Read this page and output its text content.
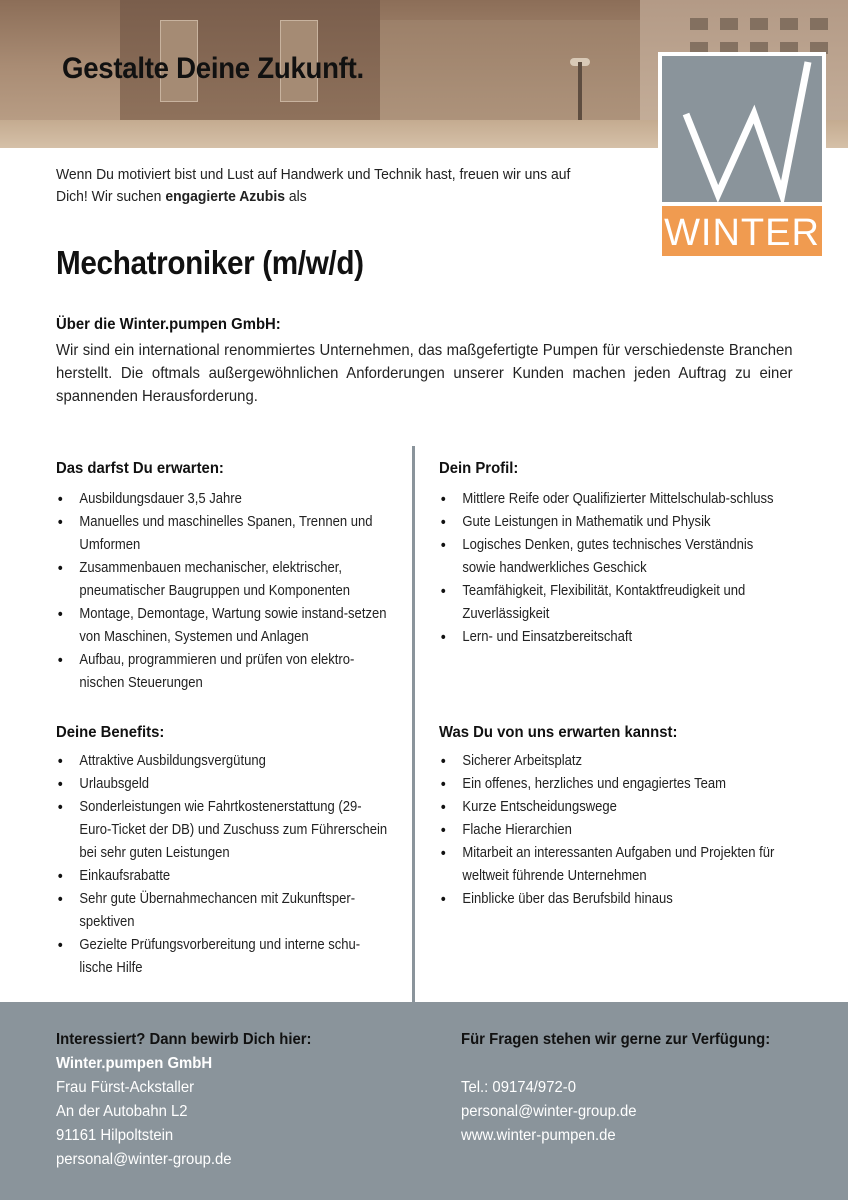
Gestalte Deine Zukunft.
WINTER

Wenn Du motiviert bist und Lust auf Handwerk und Technik hast, freuen wir uns auf Dich! Wir suchen engagierte Azubis als

Mechatroniker (m/w/d)
Über die Winter.pumpen GmbH:

Wir sind ein international renommiertes Unternehmen, das maßgefertigte Pumpen für verschiedenste Branchen herstellt. Die oftmals außergewöhnlichen Anforderungen unserer Kunden machen jeden Auftrag zu einer spannenden Herausforderung.

Das darfst Du erwarten:
• Ausbildungsdauer 3,5 Jahre
• Manuelles und maschinelles Spanen, Trennen und Umformen
• Zusammenbauen mechanischer, elektrischer, pneumatischer Baugruppen und Komponenten
• Montage, Demontage, Wartung sowie instand-setzen von Maschinen, Systemen und Anlagen
• Aufbau, programmieren und prüfen von elektro-nischen Steuerungen
Deine Benefits:
• Attraktive Ausbildungsvergütung
• Urlaubsgeld
• Sonderleistungen wie Fahrtkostenerstattung (29-Euro-Ticket der DB) und Zuschuss zum Führerschein bei sehr guten Leistungen
• Einkaufsrabatte
• Sehr gute Übernahmechancen mit Zukunftsper-spektiven
• Gezielte Prüfungsvorbereitung und interne schu-lische Hilfe
Dein Profil:
• Mittlere Reife oder Qualifizierter Mittelschulab-schluss
• Gute Leistungen in Mathematik und Physik
• Logisches Denken, gutes technisches Verständnis sowie handwerkliches Geschick
• Teamfähigkeit, Flexibilität, Kontaktfreudigkeit und Zuverlässigkeit
• Lern- und Einsatzbereitschaft
Was Du von uns erwarten kannst:
• Sicherer Arbeitsplatz
• Ein offenes, herzliches und engagiertes Team
• Kurze Entscheidungswege
• Flache Hierarchien
• Mitarbeit an interessanten Aufgaben und Projekten für weltweit führende Unternehmen
• Einblicke über das Berufsbild hinaus

Interessiert? Dann bewirb Dich hier:

Winter.pumpen GmbH

Frau Fürst-Ackstaller

An der Autobahn L2

91161 Hilpoltstein

personal@winter-group.de

Für Fragen stehen wir gerne zur Verfügung:

Tel.: 09174/972-0

personal@winter-group.de
www.winter-pumpen.de
